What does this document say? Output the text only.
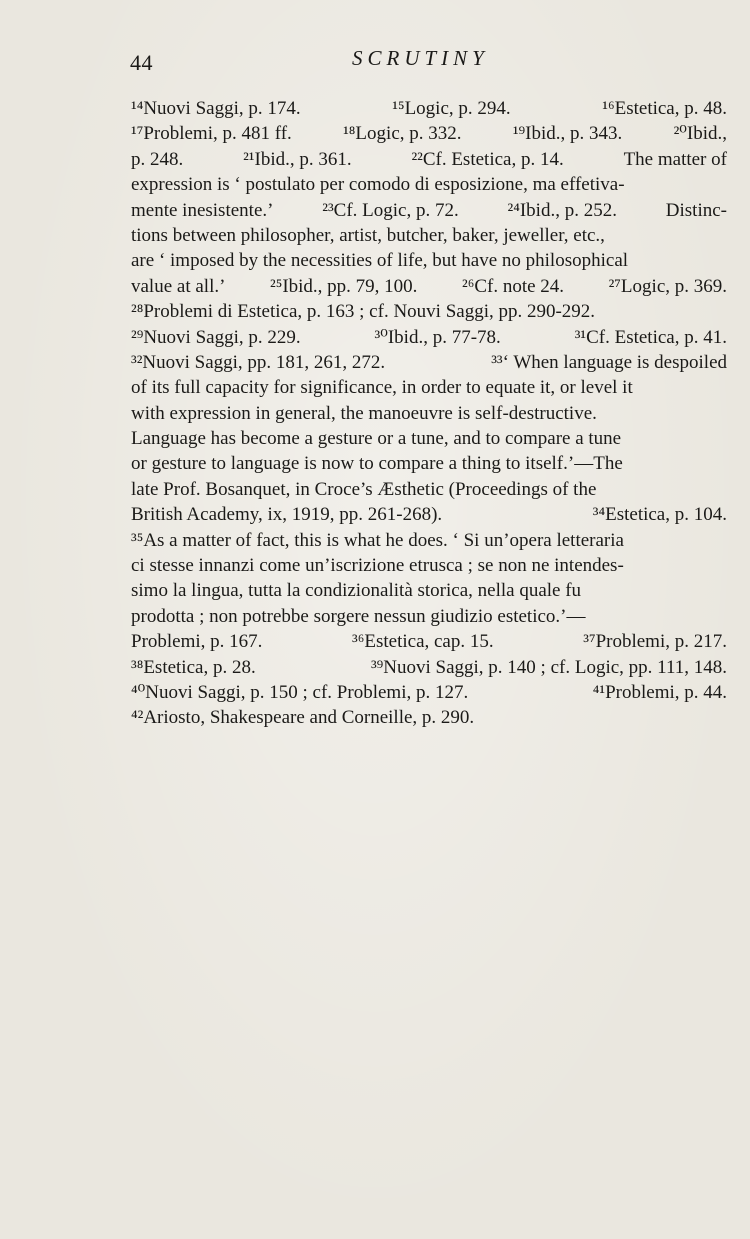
44	SCRUTINY
¹⁴Nuovi Saggi, p. 174.	¹⁵Logic, p. 294.	¹⁶Estetica, p. 48.
¹⁷Problemi, p. 481 ff.	¹⁸Logic, p. 332.	¹⁹Ibid., p. 343.	²⁰Ibid.,
p. 248.	²¹Ibid., p. 361.	²²Cf. Estetica, p. 14.	The matter of
expression is ‘ postulato per comodo di esposizione, ma effetiva-
mente inesistente.’	²³Cf. Logic, p. 72.	²⁴Ibid., p. 252.	Distinc-
tions between philosopher, artist, butcher, baker, jeweller, etc.,
are ‘ imposed by the necessities of life, but have no philosophical
value at all.’ ²⁵Ibid., pp. 79, 100. ²⁶Cf. note 24. ²⁷Logic, p. 369.
²⁸Problemi di Estetica, p. 163 ; cf. Nouvi Saggi, pp. 290-292.
²⁹Nuovi Saggi, p. 229.	³⁰Ibid., p. 77-78.	³¹Cf. Estetica, p. 41.
³²Nuovi Saggi, pp. 181, 261, 272.	³³‘ When language is despoiled
of its full capacity for significance, in order to equate it, or level it
with expression in general, the manoeuvre is self-destructive.
Language has become a gesture or a tune, and to compare a tune
or gesture to language is now to compare a thing to itself.’—The
late Prof. Bosanquet, in Croce’s Æsthetic (Proceedings of the
British Academy, ix, 1919, pp. 261-268).	³⁴Estetica, p. 104.
³⁵As a matter of fact, this is what he does. ‘ Si un’opera letteraria
ci stesse innanzi come un’iscrizione etrusca ; se non ne intendes-
simo la lingua, tutta la condizionalità storica, nella quale fu
prodotta ; non potrebbe sorgere nessun giudizio estetico.’—
Problemi, p. 167.	³⁶Estetica, cap. 15.	³⁷Problemi, p. 217.
³⁸Estetica, p. 28.	³⁹Nuovi Saggi, p. 140 ; cf. Logic, pp. 111, 148.
⁴⁰Nuovi Saggi, p. 150 ; cf. Problemi, p. 127.	⁴¹Problemi, p. 44.
⁴²Ariosto, Shakespeare and Corneille, p. 290.
